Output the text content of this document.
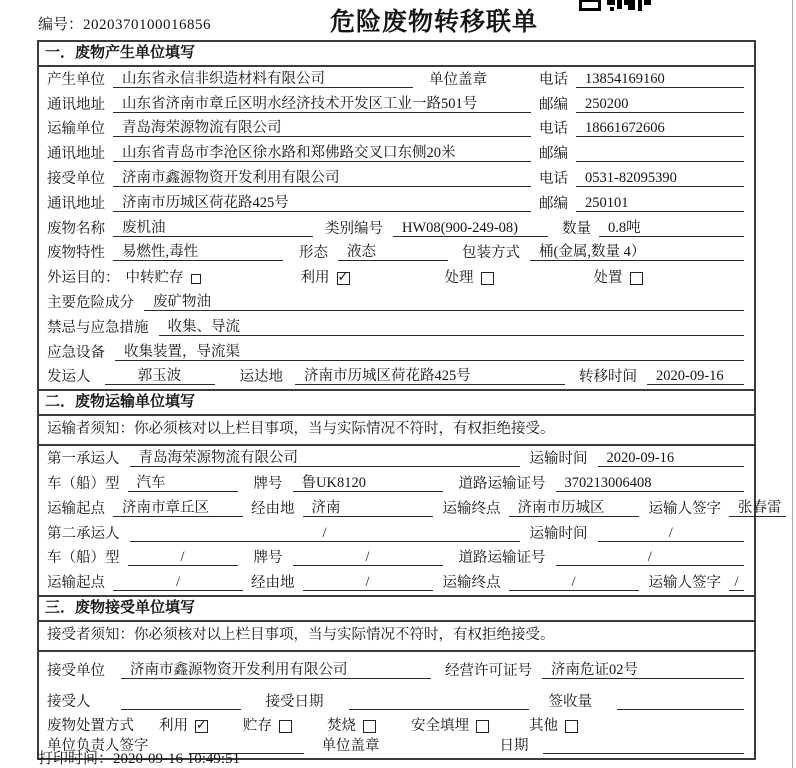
编号：2020370100016856	危险废物转移联单
一．废物产生单位填写
产生单位	山东省永信非织造材料有限公司	单位盖章	电话	13854169160
通讯地址	山东省济南市章丘区明水经济技术开发区工业一路501号	邮编	250200
运输单位	青岛海荣源物流有限公司	电话	18661672606
通讯地址	山东省青岛市李沧区徐水路和郑佛路交叉口东侧20米	邮编
接受单位	济南市鑫源物资开发利用有限公司	电话	0531-82095390
通讯地址	济南市历城区荷花路425号	邮编	250101
废物名称	废机油	类别编号	HW08(900-249-08)	数量	0.8吨
废物特性	易燃性,毒性	形态	液态	包装方式	桶(金属,数量 4）
外运目的： 中转贮存	利用 ✓	处理	处置
主要危险成分	废矿物油
禁忌与应急措施	收集、导流
应急设备	收集装置，导流渠
发运人	郭玉波	运达地	济南市历城区荷花路425号	转移时间	2020-09-16
二．废物运输单位填写
运输者须知：你必须核对以上栏目事项，当与实际情况不符时，有权拒绝接受。
第一承运人	青岛海荣源物流有限公司	运输时间	2020-09-16
车（船）型	汽车	牌号	鲁UK8120	道路运输证号	370213006408
运输起点	济南市章丘区	经由地	济南	运输终点	济南市历城区	运输人签字	张春雷
第二承运人	/	运输时间	/
车（船）型	/	牌号	/	道路运输证号	/
运输起点	/	经由地	/	运输终点	/	运输人签字 /
三．废物接受单位填写
接受者须知：你必须核对以上栏目事项，当与实际情况不符时，有权拒绝接受。
接受单位	济南市鑫源物资开发利用有限公司	经营许可证号	济南危证02号
接受人	接受日期	签收量
废物处置方式 利用 ✓	贮存	焚烧	安全填埋	其他
单位负责人签字	单位盖章	日期
打印时间：2020-09-16 10:49:51
